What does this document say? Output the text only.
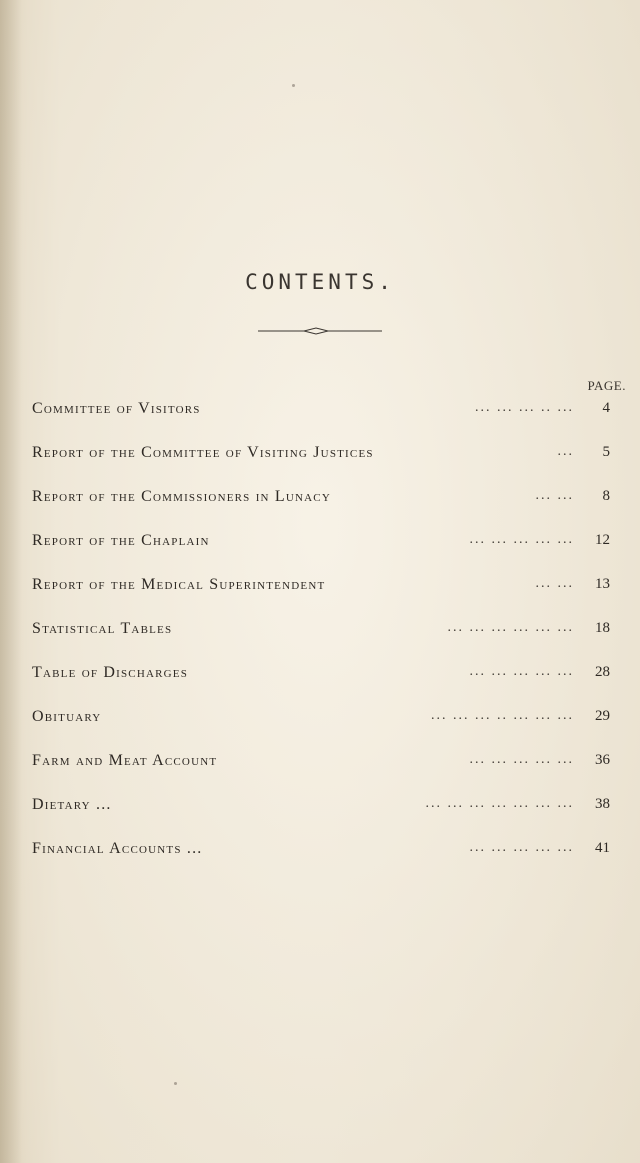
CONTENTS.
PAGE.
Committee of Visitors	... ... ... .. ...	4
Report of the Committee of Visiting Justices	...	5
Report of the Commissioners in Lunacy	... ...	8
Report of the Chaplain	... ... ... ... ...	12
Report of the Medical Superintendent	... ...	13
Statistical Tables	... ... ... ... ... ...	18
Table of Discharges	... ... ... ... ...	28
Obituary	... ... ... .. ... ... ...	29
Farm and Meat Account	... ... ... ... ...	36
Dietary ...	... ... ... ... ... ... ...	38
Financial Accounts ...	... ... ... ... ...	41
